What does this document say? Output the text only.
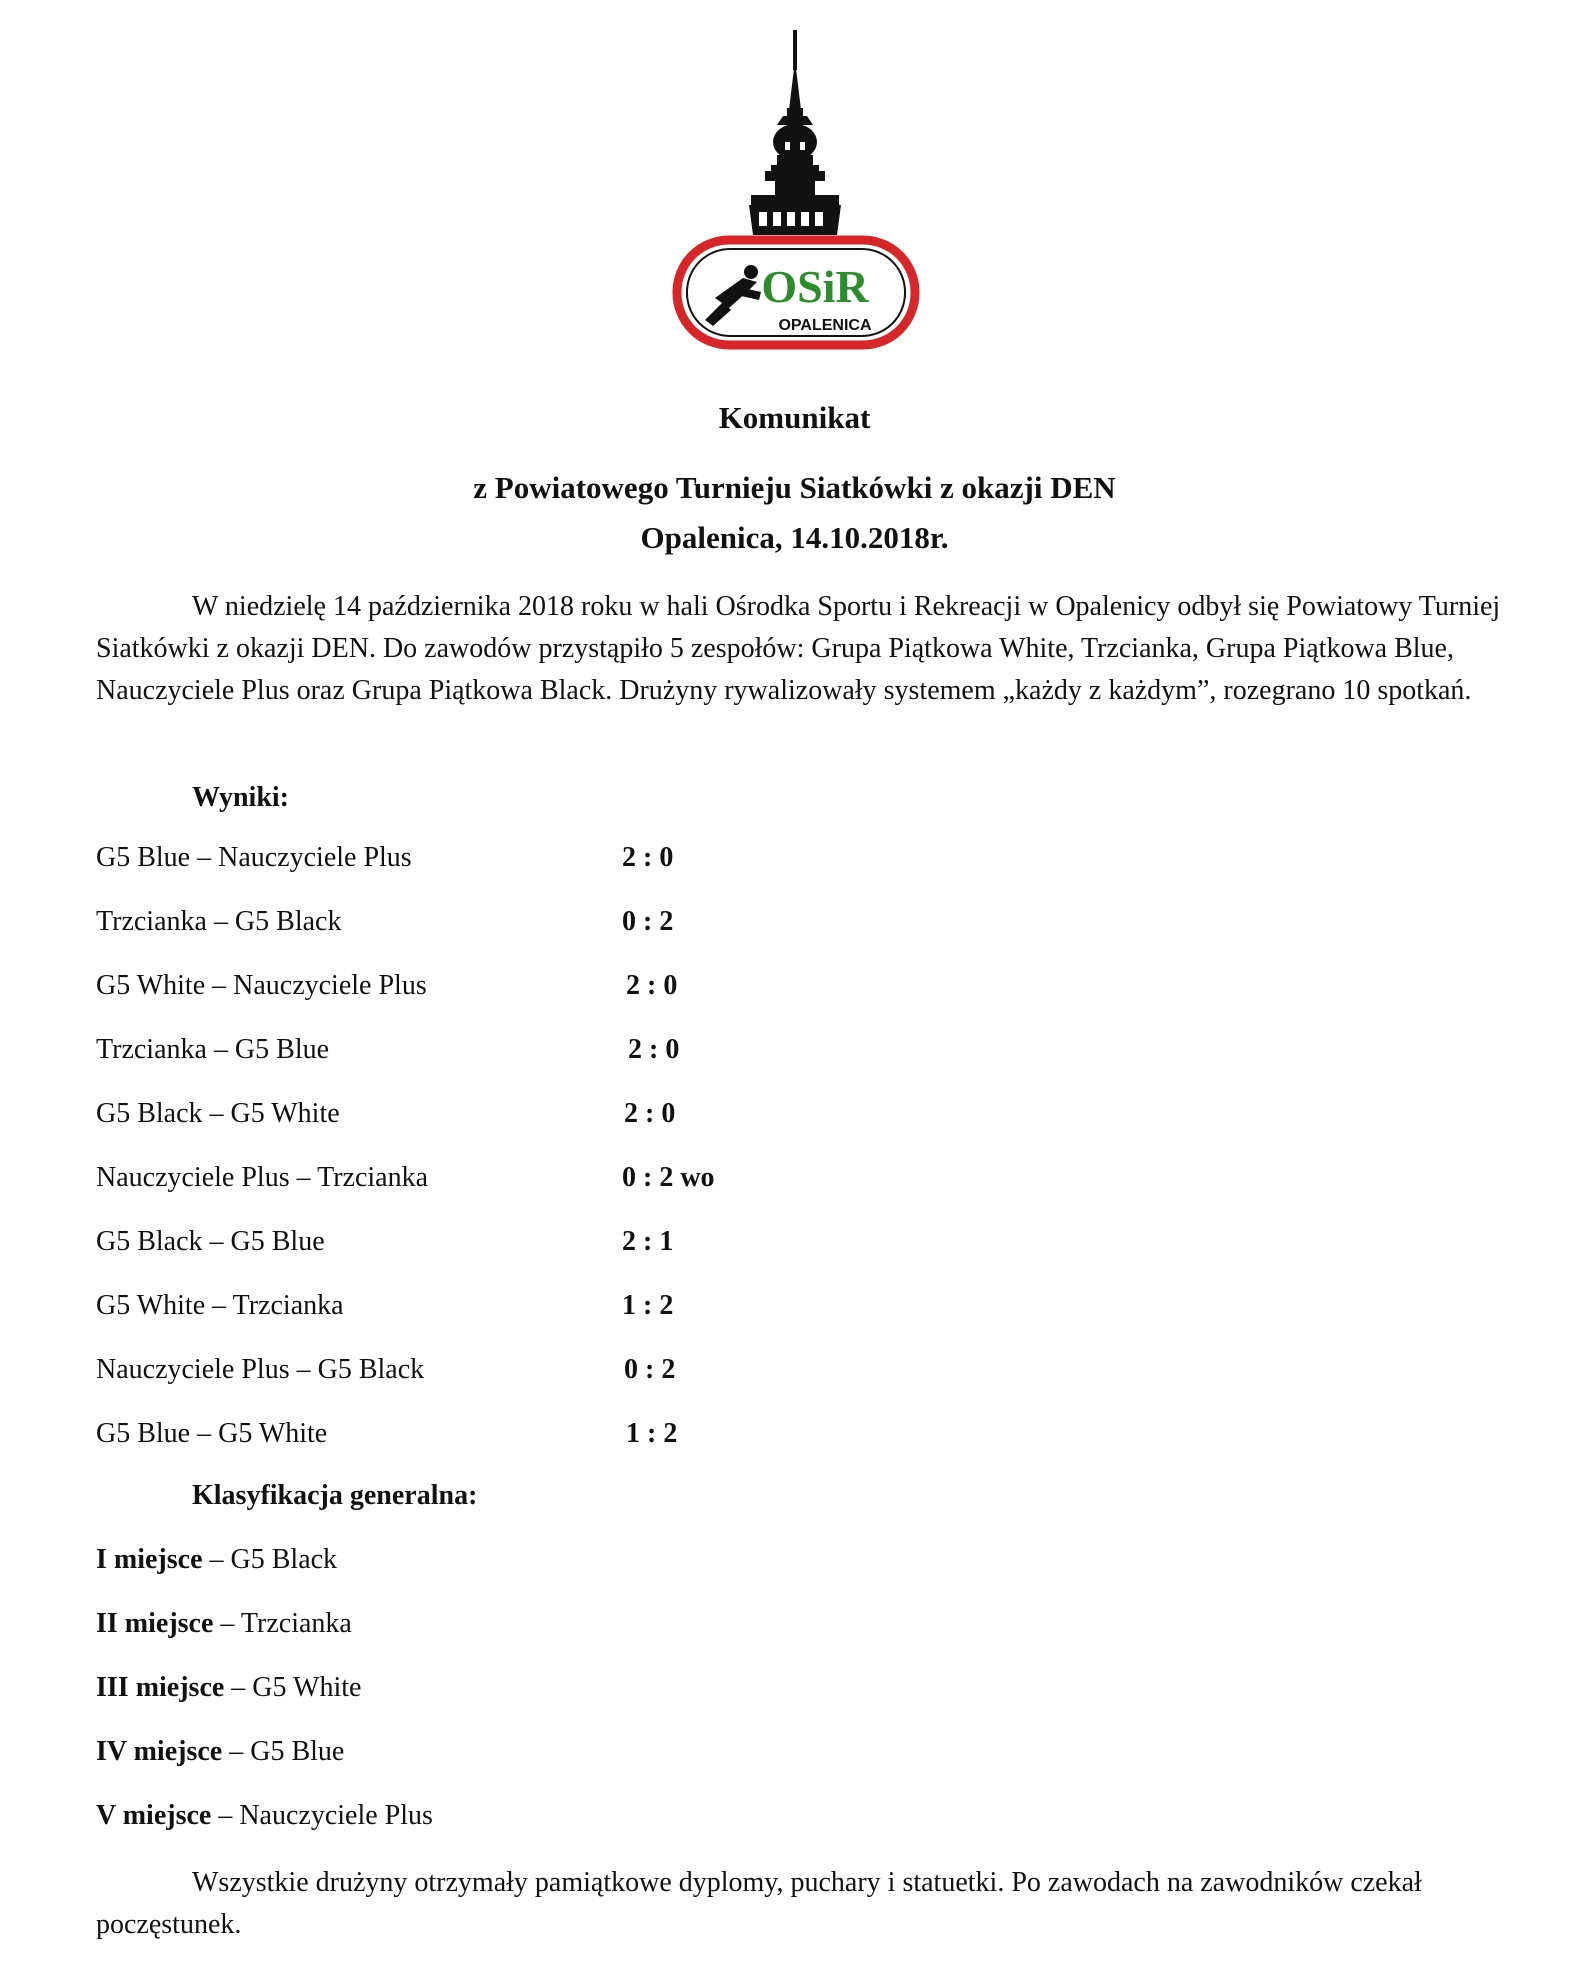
OSiR
OPALENICA
Komunikat
z Powiatowego Turnieju Siatkówki z okazji DEN
Opalenica, 14.10.2018r.
W niedzielę 14 października 2018 roku w hali Ośrodka Sportu i Rekreacji w Opalenicy odbył się Powiatowy Turniej Siatkówki z okazji DEN. Do zawodów przystąpiło 5 zespołów: Grupa Piątkowa White, Trzcianka, Grupa Piątkowa Blue, Nauczyciele Plus oraz Grupa Piątkowa Black. Drużyny rywalizowały systemem „każdy z każdym”, rozegrano 10 spotkań.
Wyniki:
G5 Blue – Nauczyciele Plus	2 : 0
Trzcianka – G5 Black	0 : 2
G5 White – Nauczyciele Plus	2 : 0
Trzcianka – G5 Blue	2 : 0
G5 Black – G5 White	2 : 0
Nauczyciele Plus – Trzcianka	0 : 2 wo
G5 Black – G5 Blue	2 : 1
G5 White – Trzcianka	1 : 2
Nauczyciele Plus – G5 Black	0 : 2
G5 Blue – G5 White	1 : 2
Klasyfikacja generalna:
I miejsce – G5 Black
II miejsce – Trzcianka
III miejsce – G5 White
IV miejsce – G5 Blue
V miejsce – Nauczyciele Plus
Wszystkie drużyny otrzymały pamiątkowe dyplomy, puchary i statuetki. Po zawodach na zawodników czekał poczęstunek.
